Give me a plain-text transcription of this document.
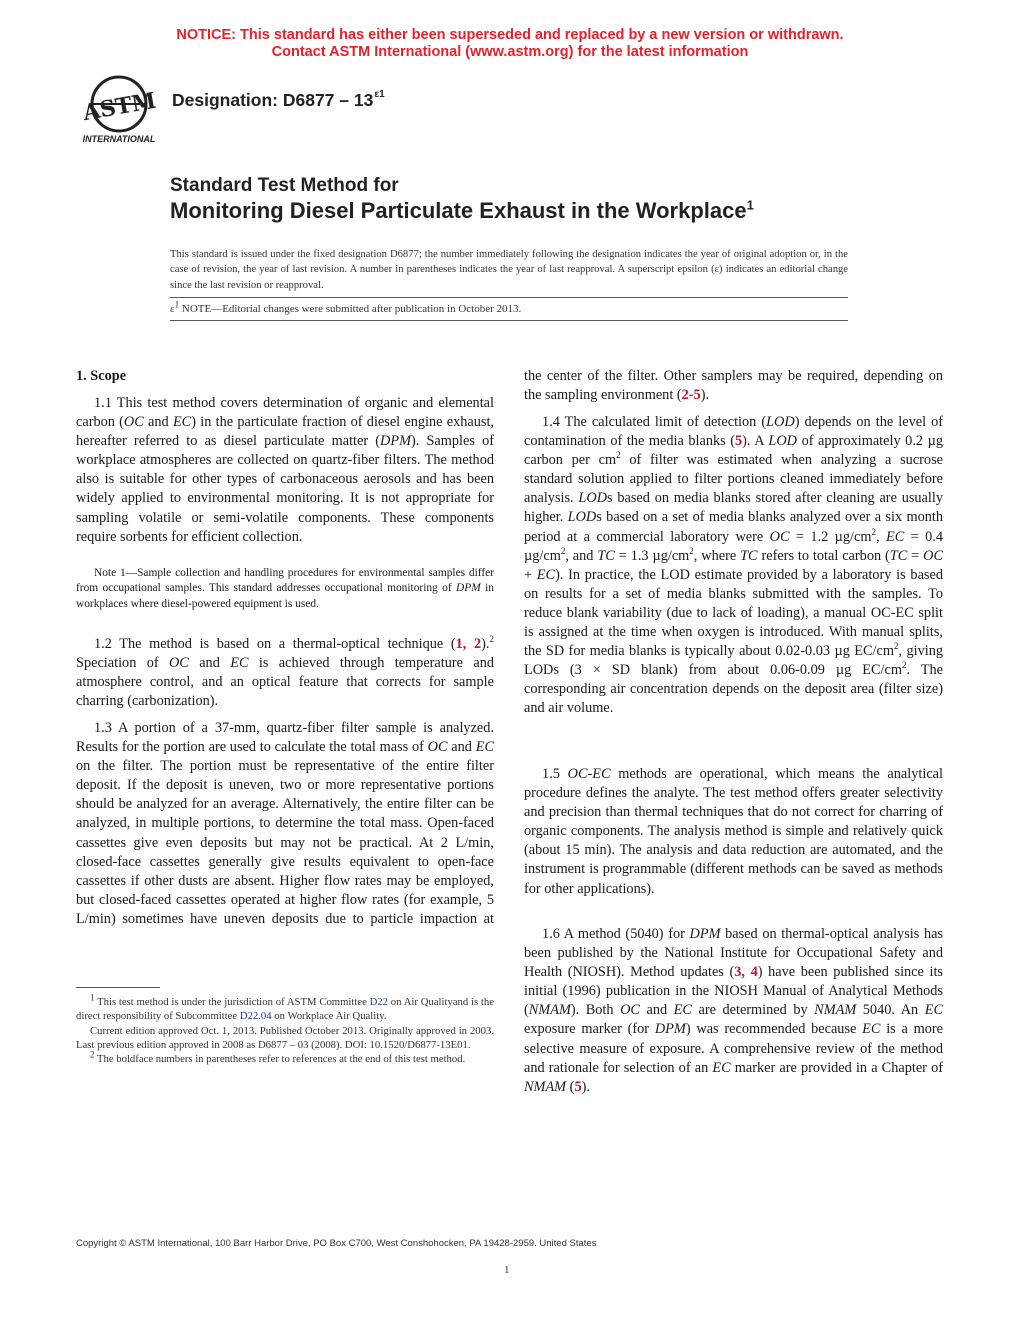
NOTICE: This standard has either been superseded and replaced by a new version or withdrawn.
Contact ASTM International (www.astm.org) for the latest information
ASTM
INTERNATIONAL
Designation: $D6877 - 13^{\varepsilon 1}$
Standard Test Method for
Monitoring Diesel Particulate Exhaust in the Workplace$^1$
This standard is issued under the fixed designation D6877; the number immediately following the designation indicates the year of original adoption or, in the case of revision, the year of last revision. A number in parentheses indicates the year of last reapproval. A superscript epsilon (ε) indicates an editorial change since the last revision or reapproval.
$\varepsilon^1$ NOTE—Editorial changes were submitted after publication in October 2013.
1. Scope
1.1 This test method covers determination of organic and elemental carbon (OC and EC) in the particulate fraction of diesel engine exhaust, hereafter referred to as diesel particulate matter (DPM). Samples of workplace atmospheres are collected on quartz-fiber filters. The method also is suitable for other types of carbonaceous aerosols and has been widely applied to environmental monitoring. It is not appropriate for sampling volatile or semi-volatile components. These components require sorbents for efficient collection.
Note 1—Sample collection and handling procedures for environmental samples differ from occupational samples. This standard addresses occupational monitoring of DPM in workplaces where diesel-powered equipment is used.
1.2 The method is based on a thermal-optical technique (1, 2).$^2$ Speciation of OC and EC is achieved through temperature and atmosphere control, and an optical feature that corrects for sample charring (carbonization).
1.3 A portion of a 37-mm, quartz-fiber filter sample is analyzed. Results for the portion are used to calculate the total mass of OC and EC on the filter. The portion must be representative of the entire filter deposit. If the deposit is uneven, two or more representative portions should be analyzed for an average. Alternatively, the entire filter can be analyzed, in multiple portions, to determine the total mass. Open-faced cassettes give even deposits but may not be practical. At 2 L/min, closed-face cassettes generally give results equivalent to open-face cassettes if other dusts are absent. Higher flow rates may be employed, but closed-faced cassettes operated at higher flow rates (for example, 5 L/min) sometimes have uneven deposits due to particle impaction at
the center of the filter. Other samplers may be required, depending on the sampling environment (2-5).
1.4 The calculated limit of detection (LOD) depends on the level of contamination of the media blanks (5). A LOD of approximately 0.2 µg carbon per $cm^2$ of filter was estimated when analyzing a sucrose standard solution applied to filter portions cleaned immediately before analysis. LODs based on media blanks stored after cleaning are usually higher. LODs based on a set of media blanks analyzed over a six month period at a commercial laboratory were OC = 1.2 $\mu g/cm^2$, EC = 0.4 $\mu g/cm^2$, and TC = 1.3 $\mu g/cm^2$, where TC refers to total carbon (TC = OC + EC). In practice, the LOD estimate provided by a laboratory is based on results for a set of media blanks submitted with the samples. To reduce blank variability (due to lack of loading), a manual OC-EC split is assigned at the time when oxygen is introduced. With manual splits, the SD for media blanks is typically about 0.02-0.03 µg $EC/cm^2$, giving LODs (3 × SD blank) from about 0.06-0.09 µg $EC/cm^2$. The corresponding air concentration depends on the deposit area (filter size) and air volume.
1.5 OC-EC methods are operational, which means the analytical procedure defines the analyte. The test method offers greater selectivity and precision than thermal techniques that do not correct for charring of organic components. The analysis method is simple and relatively quick (about 15 min). The analysis and data reduction are automated, and the instrument is programmable (different methods can be saved as methods for other applications).
1.6 A method (5040) for DPM based on thermal-optical analysis has been published by the National Institute for Occupational Safety and Health (NIOSH). Method updates (3, 4) have been published since its initial (1996) publication in the NIOSH Manual of Analytical Methods (NMAM). Both OC and EC are determined by NMAM 5040. An EC exposure marker (for DPM) was recommended because EC is a more selective measure of exposure. A comprehensive review of the method and rationale for selection of an EC marker are provided in a Chapter of NMAM (5).

$^1$ This test method is under the jurisdiction of ASTM Committee D22 on Air Qualityand is the direct responsibility of Subcommittee D22.04 on Workplace Air Quality.

Current edition approved Oct. 1, 2013. Published October 2013. Originally approved in 2003. Last previous edition approved in 2008 as D6877 – 03 (2008). DOI: 10.1520/D6877-13E01.

$^2$ The boldface numbers in parentheses refer to references at the end of this test method.

Copyright © ASTM International, 100 Barr Harbor Drive, PO Box C700, West Conshohocken, PA 19428-2959. United States
1
